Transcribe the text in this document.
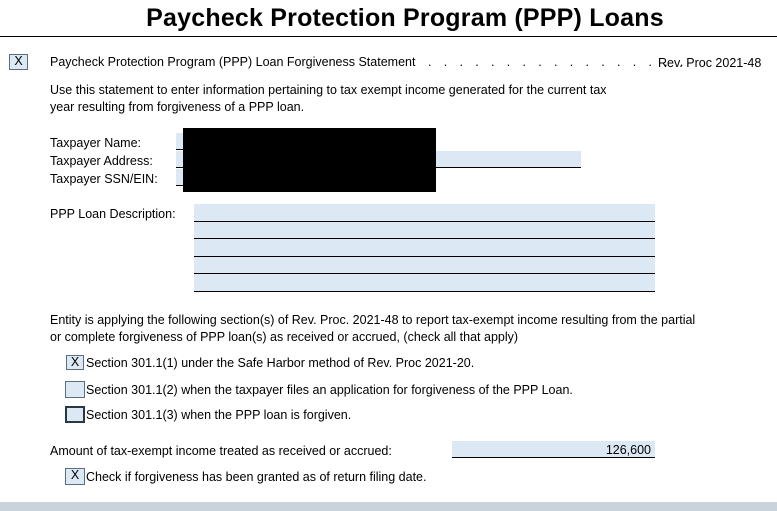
Paycheck Protection Program (PPP) Loans
X	Paycheck Protection Program (PPP) Loan Forgiveness Statement . . . . . . . . . . . . . . . . .
Rev. Proc 2021-48
Use this statement to enter information pertaining to tax exempt income generated for the current tax
year resulting from forgiveness of a PPP loan.
Taxpayer Name:
Taxpayer Address:
Taxpayer SSN/EIN:
PPP Loan Description:
Entity is applying the following section(s) of Rev. Proc. 2021-48 to report tax-exempt income resulting from the partial
or complete forgiveness of PPP loan(s) as received or accrued, (check all that apply)
X Section 301.1(1) under the Safe Harbor method of Rev. Proc 2021-20.
Section 301.1(2) when the taxpayer files an application for forgiveness of the PPP Loan.
Section 301.1(3) when the PPP loan is forgiven.
Amount of tax-exempt income treated as received or accrued:	126,600
X Check if forgiveness has been granted as of return filing date.
